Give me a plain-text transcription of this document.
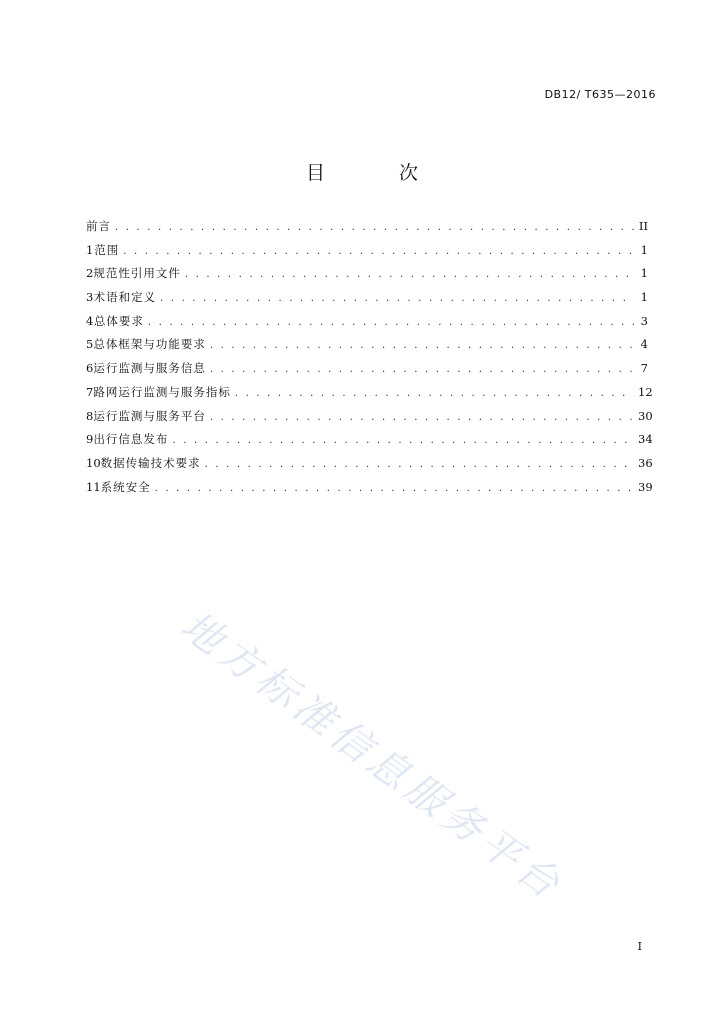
DB12/ T635—2016
目 次
前言 . . .	II
1 范围 . . .	1
2 规范性引用文件 . . .	1
3 术语和定义 . . .	1
4 总体要求 . . .	3
5 总体框架与功能要求 . . .	4
6 运行监测与服务信息 . . .	7
7 路网运行监测与服务指标 . . .	12
8 运行监测与服务平台 . . .	30
9 出行信息发布 . . .	34
10 数据传输技术要求 . . .	36
11 系统安全 . . .	39
地方标准信息服务平台
I
